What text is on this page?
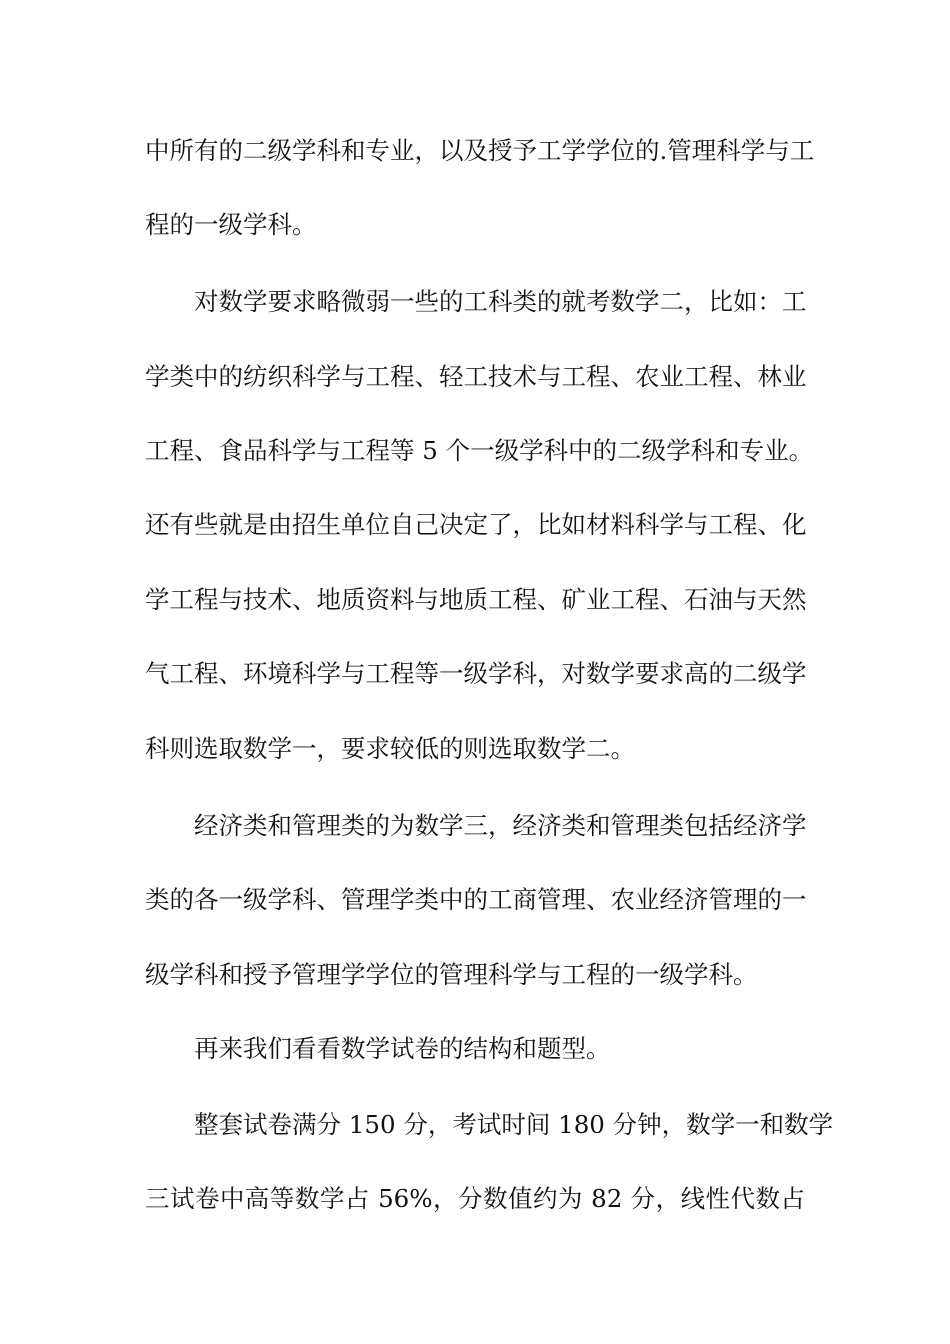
中所有的二级学科和专业，以及授予工学学位的.管理科学与工
程的一级学科。
对数学要求略微弱一些的工科类的就考数学二，比如：工
学类中的纺织科学与工程、轻工技术与工程、农业工程、林业
工程、食品科学与工程等 5 个一级学科中的二级学科和专业。
还有些就是由招生单位自己决定了，比如材料科学与工程、化
学工程与技术、地质资料与地质工程、矿业工程、石油与天然
气工程、环境科学与工程等一级学科，对数学要求高的二级学
科则选取数学一，要求较低的则选取数学二。
经济类和管理类的为数学三，经济类和管理类包括经济学
类的各一级学科、管理学类中的工商管理、农业经济管理的一
级学科和授予管理学学位的管理科学与工程的一级学科。
再来我们看看数学试卷的结构和题型。
整套试卷满分 150 分，考试时间 180 分钟，数学一和数学
三试卷中高等数学占 56%，分数值约为 82 分，线性代数占
